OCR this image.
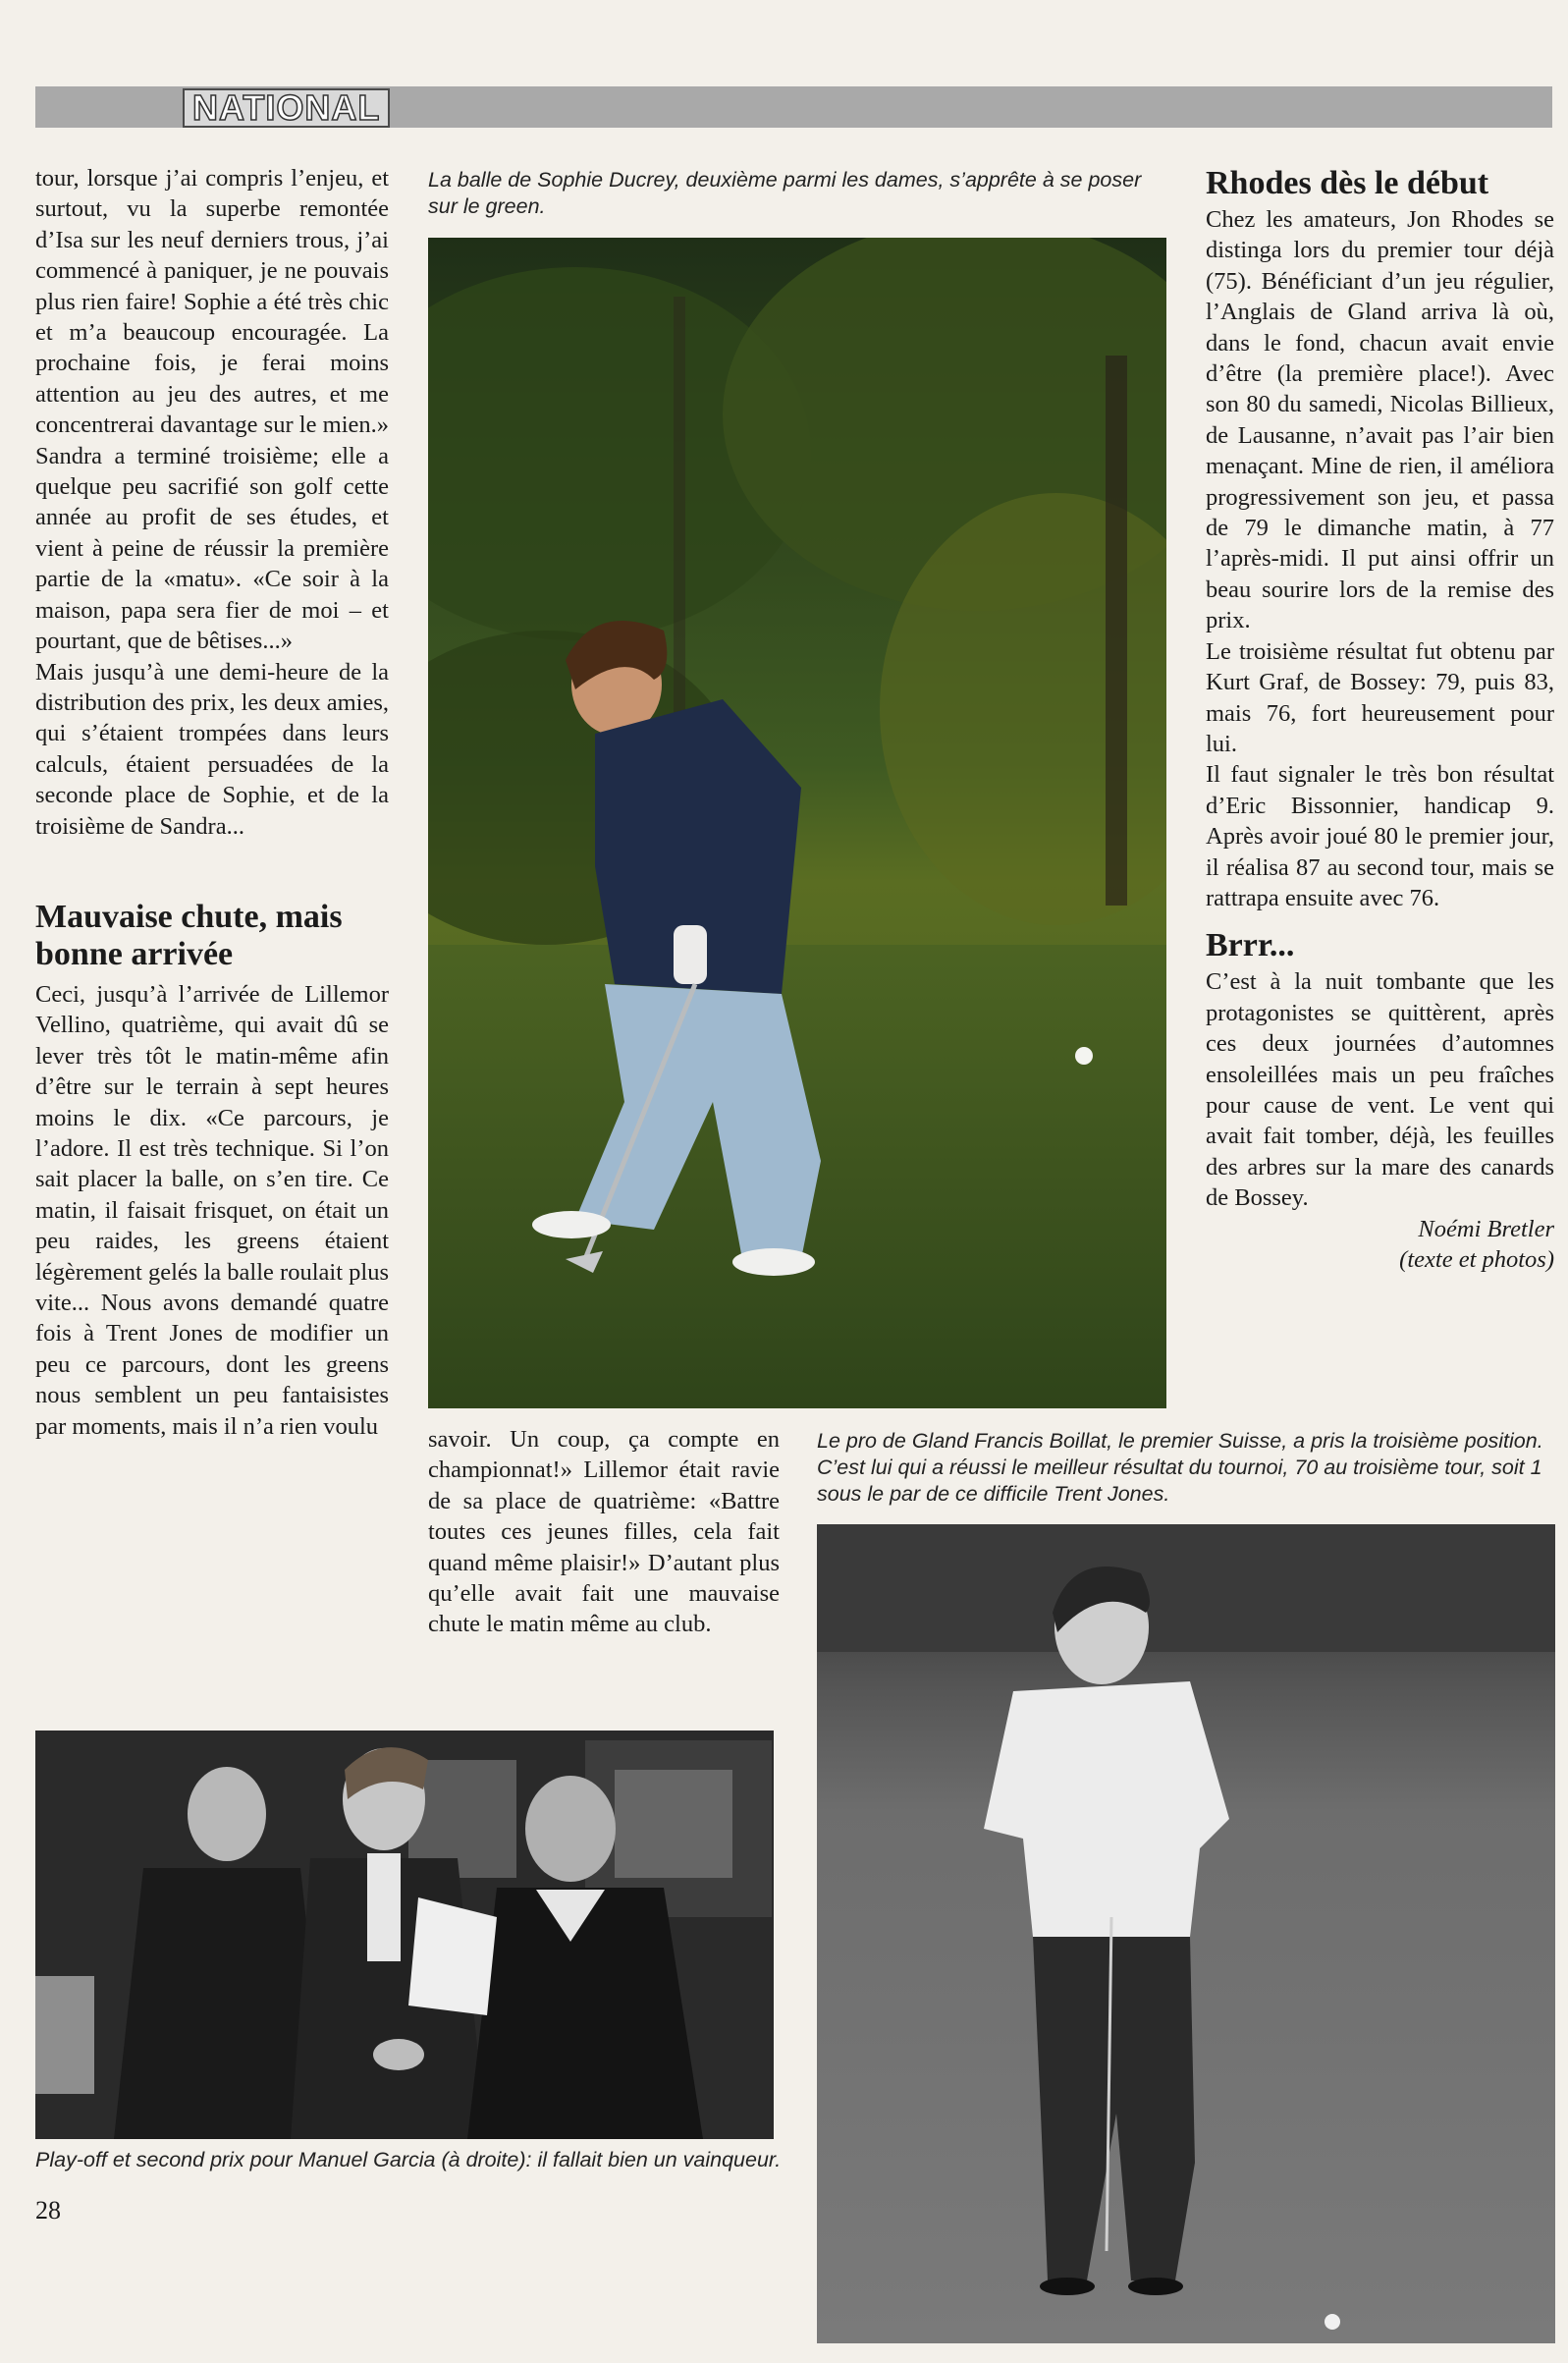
NATIONAL

tour, lorsque j’ai compris l’enjeu, et surtout, vu la superbe remontée d’Isa sur les neuf derniers trous, j’ai commencé à paniquer, je ne pouvais plus rien faire! Sophie a été très chic et m’a beaucoup encouragée. La prochaine fois, je ferai moins attention au jeu des autres, et me concentrerai davantage sur le mien.» Sandra a terminé troisième; elle a quelque peu sacrifié son golf cette année au profit de ses études, et vient à peine de réussir la première partie de la «matu». «Ce soir à la maison, papa sera fier de moi – et pourtant, que de bêtises...»

Mais jusqu’à une demi-heure de la distribution des prix, les deux amies, qui s’étaient trompées dans leurs calculs, étaient persuadées de la seconde place de Sophie, et de la troisième de Sandra...

Mauvaise chute, mais bonne arrivée

Ceci, jusqu’à l’arrivée de Lillemor Vellino, quatrième, qui avait dû se lever très tôt le matin-même afin d’être sur le terrain à sept heures moins le dix. «Ce parcours, je l’adore. Il est très technique. Si l’on sait placer la balle, on s’en tire. Ce matin, il faisait frisquet, on était un peu raides, les greens étaient légèrement gelés la balle roulait plus vite... Nous avons demandé quatre fois à Trent Jones de modifier un peu ce parcours, dont les greens nous semblent un peu fantaisistes par moments, mais il n’a rien voulu

La balle de Sophie Ducrey, deuxième parmi les dames, s’apprête à se poser sur le green.
Rhodes dès le début

Chez les amateurs, Jon Rhodes se distinga lors du premier tour déjà (75). Bénéficiant d’un jeu régulier, l’Anglais de Gland arriva là où, dans le fond, chacun avait envie d’être (la première place!). Avec son 80 du samedi, Nicolas Billieux, de Lausanne, n’avait pas l’air bien menaçant. Mine de rien, il améliora progressivement son jeu, et passa de 79 le dimanche matin, à 77 l’après-midi. Il put ainsi offrir un beau sourire lors de la remise des prix.

Le troisième résultat fut obtenu par Kurt Graf, de Bossey: 79, puis 83, mais 76, fort heureusement pour lui.

Il faut signaler le très bon résultat d’Eric Bissonnier, handicap 9. Après avoir joué 80 le premier jour, il réalisa 87 au second tour, mais se rattrapa ensuite avec 76.

Brrr...

C’est à la nuit tombante que les protagonistes se quittèrent, après ces deux journées d’automnes ensoleillées mais un peu fraîches pour cause de vent. Le vent qui avait fait tomber, déjà, les feuilles des arbres sur la mare des canards de Bossey.

Noémi Bretler

(texte et photos)

savoir. Un coup, ça compte en championnat!» Lillemor était ravie de sa place de quatrième: «Battre toutes ces jeunes filles, cela fait quand même plaisir!» D’autant plus qu’elle avait fait une mauvaise chute le matin même au club.

Le pro de Gland Francis Boillat, le premier Suisse, a pris la troisième position. C’est lui qui a réussi le meilleur résultat du tournoi, 70 au troisième tour, soit 1 sous le par de ce difficile Trent Jones.
Play-off et second prix pour Manuel Garcia (à droite): il fallait bien un vainqueur.
28
